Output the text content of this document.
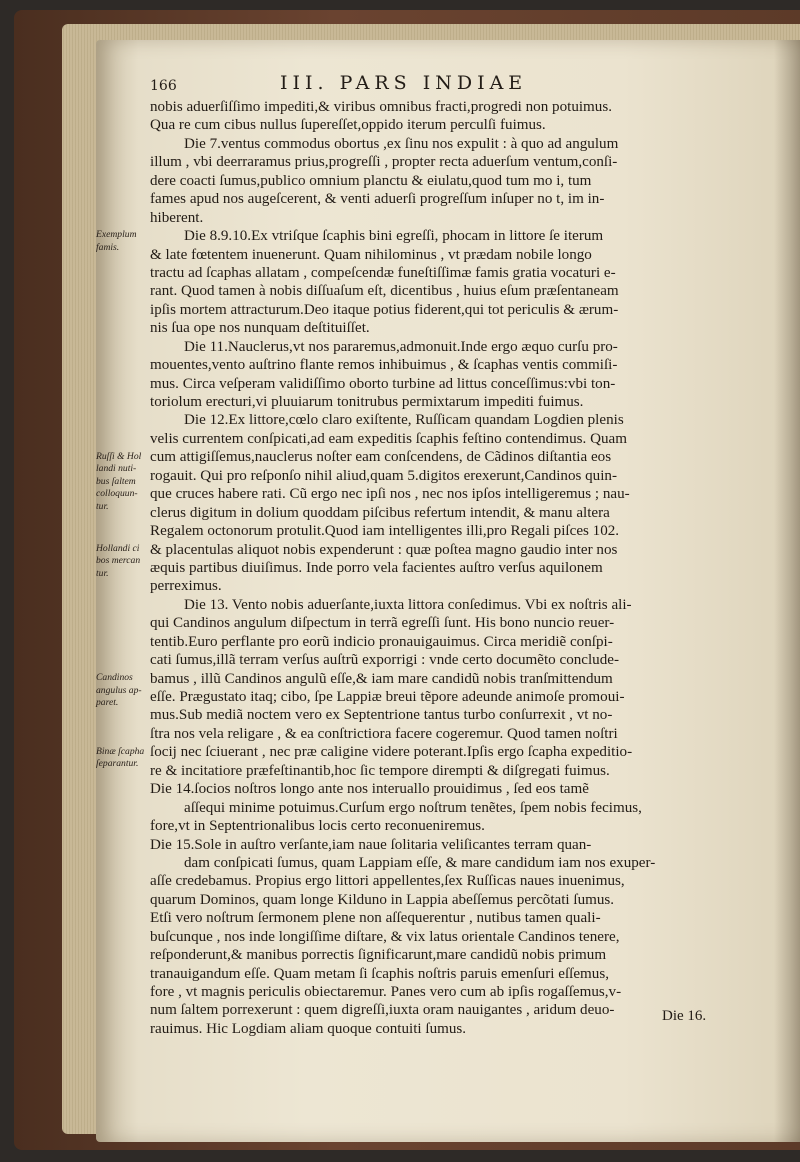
166	III. PARS INDIAE
nobis aduerſiſſimo impediti,& viribus omnibus fracti,progredi non potuimus.
Qua re cum cibus nullus ſupereſſet,oppido iterum perculſi fuimus.
Die 7.ventus commodus obortus ,ex ſinu nos expulit : à quo ad angulum
illum , vbi deerraramus prius,progreſſi , propter recta aduerſum ventum,conſi-
dere coacti ſumus,publico omnium planctu & eiulatu,quod tum mo i, tum
fames apud nos augeſcerent, & venti aduerſi progreſſum inſuper no t, im in-
hiberent.
Die 8.9.10.Ex vtriſque ſcaphis bini egreſſi, phocam in littore ſe iterum
& late fœtentem inuenerunt. Quam nihilominus , vt prædam nobile longo
tractu ad ſcaphas allatam , compeſcendæ funeſtiſſimæ famis gratia vocaturi e-
rant. Quod tamen à nobis diſſuaſum eſt, dicentibus , huius eſum præſentaneam
ipſis mortem attracturum.Deo itaque potius fiderent,qui tot periculis & ærum-
nis ſua ope nos nunquam deſtituiſſet.
Die 11.Nauclerus,vt nos pararemus,admonuit.Inde ergo æquo curſu pro-
mouentes,vento auſtrino flante remos inhibuimus , & ſcaphas ventis commiſi-
mus. Circa veſperam validiſſimo oborto turbine ad littus conceſſimus:vbi ton-
toriolum erecturi,vi pluuiarum tonitrubus permixtarum impediti fuimus.
Die 12.Ex littore,cœlo claro exiſtente, Ruſſicam quandam Logdien plenis
velis currentem conſpicati,ad eam expeditis ſcaphis feſtino contendimus. Quam
cum attigiſſemus,nauclerus noſter eam conſcendens, de Cãdinos diſtantia eos
rogauit. Qui pro reſponſo nihil aliud,quam 5.digitos erexerunt,Candinos quin-
que cruces habere rati. Cũ ergo nec ipſi nos , nec nos ipſos intelligeremus ; nau-
clerus digitum in dolium quoddam piſcibus refertum intendit, & manu altera
Regalem octonorum protulit.Quod iam intelligentes illi,pro Regali piſces 102.
& placentulas aliquot nobis expenderunt : quæ poſtea magno gaudio inter nos
æquis partibus diuiſimus. Inde porro vela facientes auſtro verſus aquilonem
perreximus.
Die 13. Vento nobis aduerſante,iuxta littora conſedimus. Vbi ex noſtris ali-
qui Candinos angulum diſpectum in terrã egreſſi ſunt. His bono nuncio reuer-
tentib.Euro perflante pro eorũ indicio pronauigauimus. Circa meridiẽ conſpi-
cati ſumus,illã terram verſus auſtrũ exporrigi : vnde certo documẽto conclude-
bamus , illũ Candinos angulũ eſſe,& iam mare candidũ nobis tranſmittendum
eſſe. Prægustato itaq; cibo, ſpe Lappiæ breui tẽpore adeunde animoſe promoui-
mus.Sub mediã noctem vero ex Septentrione tantus turbo conſurrexit , vt no-
ſtra nos vela religare , & ea conſtrictiora facere cogeremur. Quod tamen noſtri
ſocij nec ſciuerant , nec præ caligine videre poterant.Ipſis ergo ſcapha expeditio-
re & incitatiore præfeſtinantib,hoc ſic tempore dirempti & diſgregati fuimus.
Die 14.ſocios noſtros longo ante nos interuallo prouidimus , ſed eos tamẽ
aſſequi minime potuimus.Curſum ergo noſtrum tenẽtes, ſpem nobis fecimus,
fore,vt in Septentrionalibus locis certo reconueniremus.
Die 15.Sole in auſtro verſante,iam naue ſolitaria veliſicantes terram quan-
dam conſpicati ſumus, quam Lappiam eſſe, & mare candidum iam nos exuper-
aſſe credebamus. Propius ergo littori appellentes,ſex Ruſſicas naues inuenimus,
quarum Dominos, quam longe Kilduno in Lappia abeſſemus percõtati ſumus.
Etſi vero noſtrum ſermonem plene non aſſequerentur , nutibus tamen quali-
buſcunque , nos inde longiſſime diſtare, & vix latus orientale Candinos tenere,
reſponderunt,& manibus porrectis ſignificarunt,mare candidũ nobis primum
tranauigandum eſſe. Quam metam ſi ſcaphis noſtris paruis emenſuri eſſemus,
fore , vt magnis periculis obiectaremur. Panes vero cum ab ipſis rogaſſemus,v-
num ſaltem porrexerunt : quem digreſſi,iuxta oram nauigantes , aridum deuo-
rauimus. Hic Logdiam aliam quoque contuiti ſumus.
Exemplum
famis.
Ruſſi & Hol
landi nuti-
bus ſaltem
colloquun-
tur.
Hollandi ci
bos mercan
tur.
Candinos
angulus ap-
paret.
Binæ ſcapha
ſeparantur.
Die 16.
